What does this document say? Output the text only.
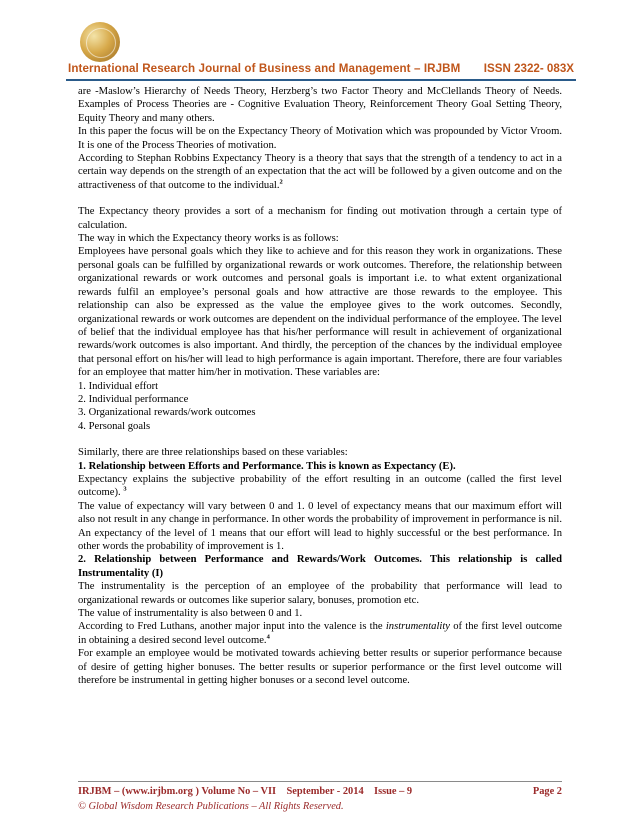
International Research Journal of Business and Management – IRJBM ISSN 2322- 083X

are -Maslow’s Hierarchy of Needs Theory, Herzberg’s two Factor Theory and McClellands Theory of Needs. Examples of Process Theories are - Cognitive Evaluation Theory, Reinforcement Theory Goal Setting Theory, Equity Theory and many others.

In this paper the focus will be on the Expectancy Theory of Motivation which was propounded by Victor Vroom. It is one of the Process Theories of motivation.

According to Stephan Robbins Expectancy Theory is a theory that says that the strength of a tendency to act in a certain way depends on the strength of an expectation that the act will be followed by a given outcome and on the attractiveness of that outcome to the individual.$^2$

The Expectancy theory provides a sort of a mechanism for finding out motivation through a certain type of calculation.

The way in which the Expectancy theory works is as follows:

Employees have personal goals which they like to achieve and for this reason they work in organizations. These personal goals can be fulfilled by organizational rewards or work outcomes. Therefore, the relationship between organizational rewards or work outcomes and personal goals is important i.e. to what extent organizational rewards fulfil an employee’s personal goals and how attractive are those rewards to the employee. This relationship can also be expressed as the value the employee gives to the work outcomes. Secondly, organizational rewards or work outcomes are dependent on the individual performance of the employee. The level of belief that the individual employee has that his/her performance will result in achievement of organizational rewards/work outcomes is also important. And thirdly, the perception of the chances by the individual employee that personal effort on his/her will lead to high performance is again important. Therefore, there are four variables for an employee that matter him/her in motivation. These variables are:

1. Individual effort

2. Individual performance

3. Organizational rewards/work outcomes

4. Personal goals

Similarly, there are three relationships based on these variables:

1. Relationship between Efforts and Performance. This is known as Expectancy (E).

Expectancy explains the subjective probability of the effort resulting in an outcome (called the first level outcome). $^3$

The value of expectancy will vary between 0 and 1. 0 level of expectancy means that our maximum effort will also not result in any change in performance. In other words the probability of improvement in performance is nil. An expectancy of the level of 1 means that our effort will lead to highly successful or the best performance. In other words the probability of improvement is 1.

2. Relationship between Performance and Rewards/Work Outcomes. This relationship is called Instrumentality (I)

The instrumentality is the perception of an employee of the probability that performance will lead to organizational rewards or outcomes like superior salary, bonuses, promotion etc.

The value of instrumentality is also between 0 and 1.

According to Fred Luthans, another major input into the valence is the instrumentality of the first level outcome in obtaining a desired second level outcome.$^4$

For example an employee would be motivated towards achieving better results or superior performance because of desire of getting higher bonuses. The better results or superior performance or the first level outcome will therefore be instrumental in getting higher bonuses or a second level outcome.

IRJBM – (www.irjbm.org ) Volume No – VII    September - 2014    Issue – 9	Page 2
© Global Wisdom Research Publications – All Rights Reserved.
